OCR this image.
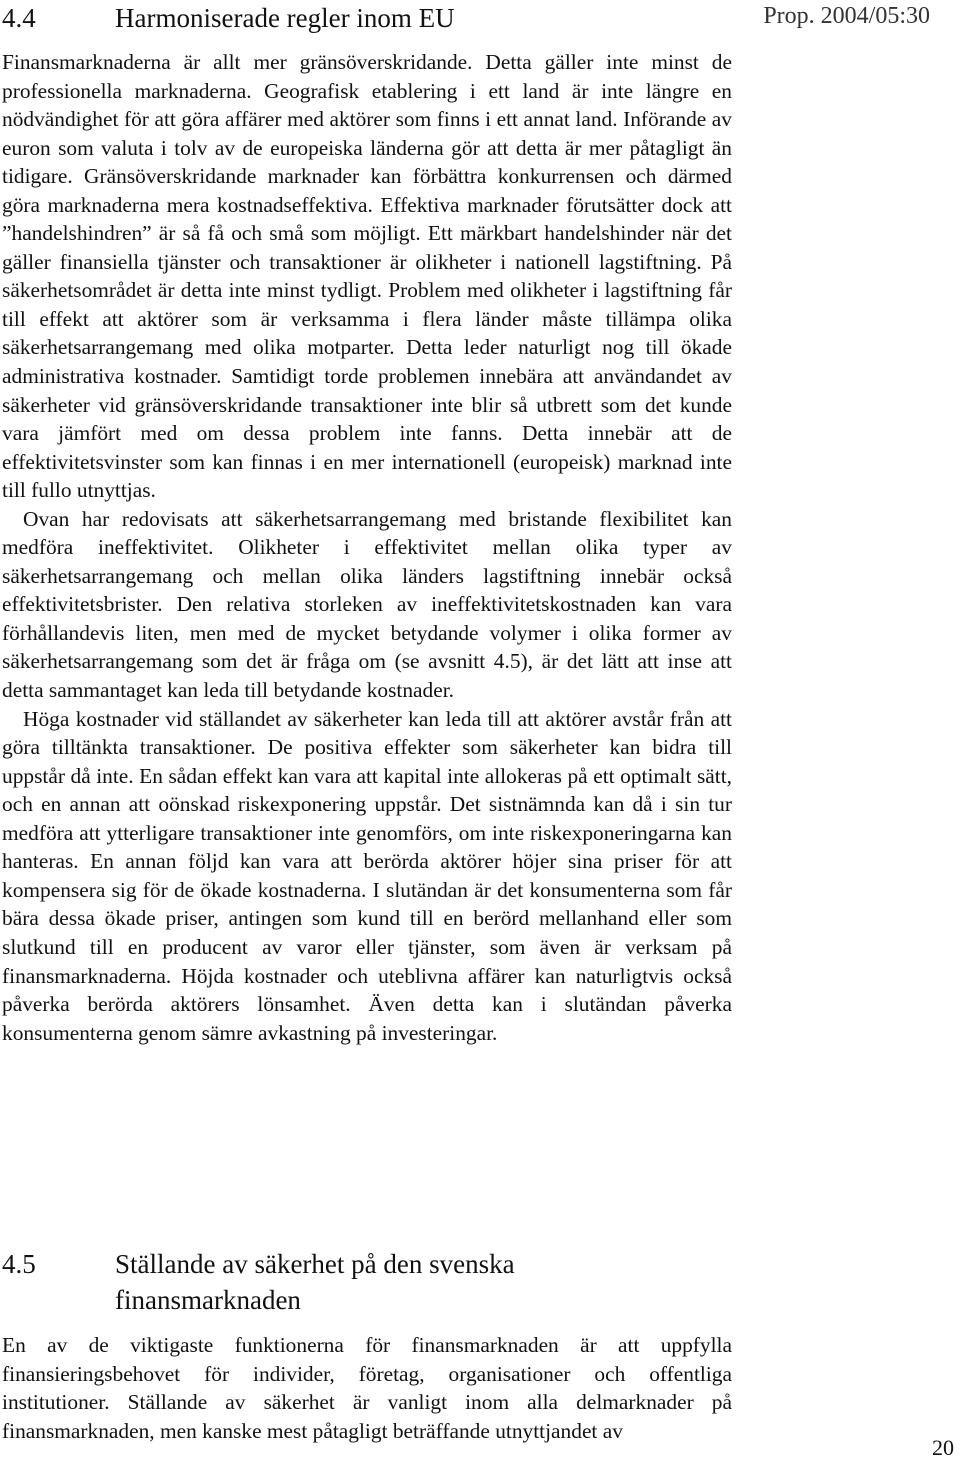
Prop. 2004/05:30
4.4	Harmoniserade regler inom EU

Finansmarknaderna är allt mer gränsöverskridande. Detta gäller inte minst de professionella marknaderna. Geografisk etablering i ett land är inte längre en nödvändighet för att göra affärer med aktörer som finns i ett annat land. Införande av euron som valuta i tolv av de europeiska länderna gör att detta är mer påtagligt än tidigare. Gränsöverskridande marknader kan förbättra konkurrensen och därmed göra marknaderna mera kostnadseffektiva. Effektiva marknader förutsätter dock att ”handelshindren” är så få och små som möjligt. Ett märkbart handelshinder när det gäller finansiella tjänster och transaktioner är olikheter i nationell lagstiftning. På säkerhetsområdet är detta inte minst tydligt. Problem med olikheter i lagstiftning får till effekt att aktörer som är verksamma i flera länder måste tillämpa olika säkerhetsarrangemang med olika motparter. Detta leder naturligt nog till ökade administrativa kostnader. Samtidigt torde problemen innebära att användandet av säkerheter vid gränsöverskridande transaktioner inte blir så utbrett som det kunde vara jämfört med om dessa problem inte fanns. Detta innebär att de effektivitetsvinster som kan finnas i en mer internationell (europeisk) marknad inte till fullo utnyttjas.

Ovan har redovisats att säkerhetsarrangemang med bristande flexibilitet kan medföra ineffektivitet. Olikheter i effektivitet mellan olika typer av säkerhetsarrangemang och mellan olika länders lagstiftning innebär också effektivitetsbrister. Den relativa storleken av ineffektivitetskostnaden kan vara förhållandevis liten, men med de mycket betydande volymer i olika former av säkerhetsarrangemang som det är fråga om (se avsnitt 4.5), är det lätt att inse att detta sammantaget kan leda till betydande kostnader.

Höga kostnader vid ställandet av säkerheter kan leda till att aktörer avstår från att göra tilltänkta transaktioner. De positiva effekter som säkerheter kan bidra till uppstår då inte. En sådan effekt kan vara att kapital inte allokeras på ett optimalt sätt, och en annan att oönskad riskexponering uppstår. Det sistnämnda kan då i sin tur medföra att ytterligare transaktioner inte genomförs, om inte riskexponeringarna kan hanteras. En annan följd kan vara att berörda aktörer höjer sina priser för att kompensera sig för de ökade kostnaderna. I slutändan är det konsumenterna som får bära dessa ökade priser, antingen som kund till en berörd mellanhand eller som slutkund till en producent av varor eller tjänster, som även är verksam på finansmarknaderna. Höjda kostnader och uteblivna affärer kan naturligtvis också påverka berörda aktörers lönsamhet. Även detta kan i slutändan påverka konsumenterna genom sämre avkastning på investeringar.

4.5	Ställande av säkerhet på den svenska finansmarknaden

En av de viktigaste funktionerna för finansmarknaden är att uppfylla finansieringsbehovet för individer, företag, organisationer och offentliga institutioner. Ställande av säkerhet är vanligt inom alla delmarknader på finansmarknaden, men kanske mest påtagligt beträffande utnyttjandet av

20
